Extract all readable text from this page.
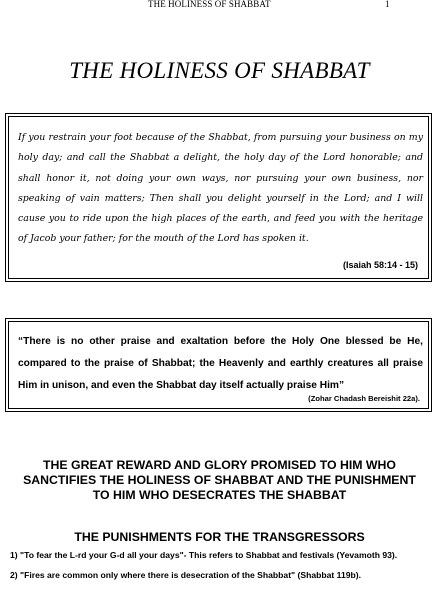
THE HOLINESS OF SHABBAT	1
THE HOLINESS OF SHABBAT

If you restrain your foot because of the Shabbat, from pursuing your business on my holy day; and call the Shabbat a delight, the holy day of the Lord honorable; and shall honor it, not doing your own ways, nor pursuing your own business, nor speaking of vain matters; Then shall you delight yourself in the Lord; and I will cause you to ride upon the high places of the earth, and feed you with the heritage of Jacob your father; for the mouth of the Lord has spoken it.

(Isaiah 58:14 - 15)

“There is no other praise and exaltation before the Holy One blessed be He, compared to the praise of Shabbat; the Heavenly and earthly creatures all praise Him in unison, and even the Shabbat day itself actually praise Him”

(Zohar Chadash Bereishit 22a).
THE GREAT REWARD AND GLORY PROMISED TO HIM WHO
SANCTIFIES THE HOLINESS OF SHABBAT AND THE PUNISHMENT
TO HIM WHO DESECRATES THE SHABBAT
THE PUNISHMENTS FOR THE TRANSGRESSORS
1) "To fear the L-rd your G-d all your days"- This refers to Shabbat and festivals (Yevamoth 93).
2) "Fires are common only where there is desecration of the Shabbat" (Shabbat 119b).
